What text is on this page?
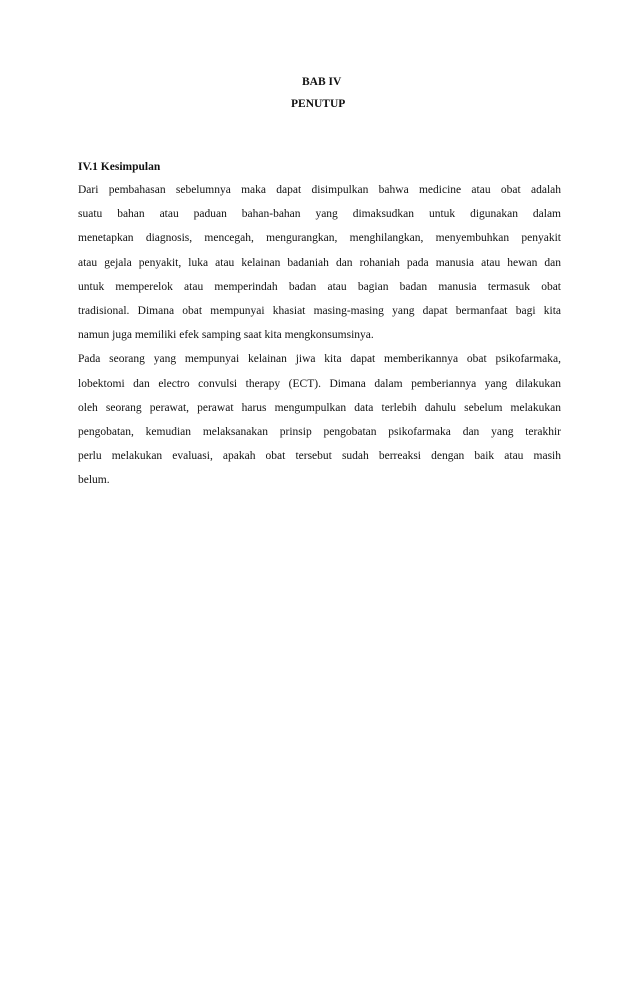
BAB IV
PENUTUP
IV.1 Kesimpulan
Dari pembahasan sebelumnya maka dapat disimpulkan bahwa medicine atau obat adalah
suatu bahan atau paduan bahan-bahan yang dimaksudkan untuk digunakan dalam
menetapkan diagnosis, mencegah, mengurangkan, menghilangkan, menyembuhkan penyakit
atau gejala penyakit, luka atau kelainan badaniah dan rohaniah pada manusia atau hewan dan
untuk memperelok atau memperindah badan atau bagian badan manusia termasuk obat
tradisional. Dimana obat mempunyai khasiat masing-masing yang dapat bermanfaat bagi kita
namun juga memiliki efek samping saat kita mengkonsumsinya.
Pada seorang yang mempunyai kelainan jiwa kita dapat memberikannya obat psikofarmaka,
lobektomi dan electro convulsi therapy (ECT). Dimana dalam pemberiannya yang dilakukan
oleh seorang perawat, perawat harus mengumpulkan data terlebih dahulu sebelum melakukan
pengobatan, kemudian melaksanakan prinsip pengobatan psikofarmaka dan yang terakhir
perlu melakukan evaluasi, apakah obat tersebut sudah berreaksi dengan baik atau masih
belum.
